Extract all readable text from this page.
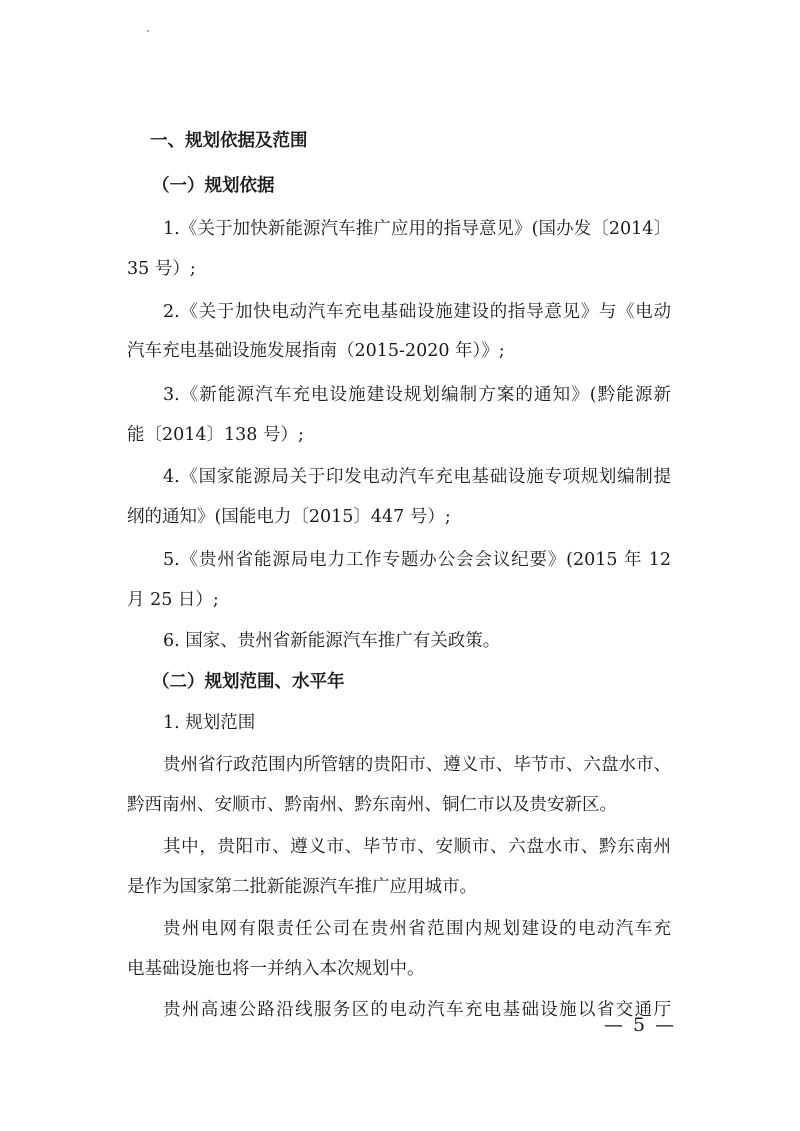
一、规划依据及范围
（一）规划依据
1.《关于加快新能源汽车推广应用的指导意见》(国办发〔2014〕
35 号）;
2.《关于加快电动汽车充电基础设施建设的指导意见》与《电动
汽车充电基础设施发展指南（2015-2020 年）》;
3.《新能源汽车充电设施建设规划编制方案的通知》(黔能源新
能〔2014〕138 号）;
4.《国家能源局关于印发电动汽车充电基础设施专项规划编制提
纲的通知》(国能电力〔2015〕447 号）;
5.《贵州省能源局电力工作专题办公会会议纪要》(2015 年 12
月 25 日）;
6. 国家、贵州省新能源汽车推广有关政策。
（二）规划范围、水平年
1. 规划范围
贵州省行政范围内所管辖的贵阳市、遵义市、毕节市、六盘水市、
黔西南州、安顺市、黔南州、黔东南州、铜仁市以及贵安新区。
其中，贵阳市、遵义市、毕节市、安顺市、六盘水市、黔东南州
是作为国家第二批新能源汽车推广应用城市。
贵州电网有限责任公司在贵州省范围内规划建设的电动汽车充
电基础设施也将一并纳入本次规划中。
贵州高速公路沿线服务区的电动汽车充电基础设施以省交通厅
— 5 —
